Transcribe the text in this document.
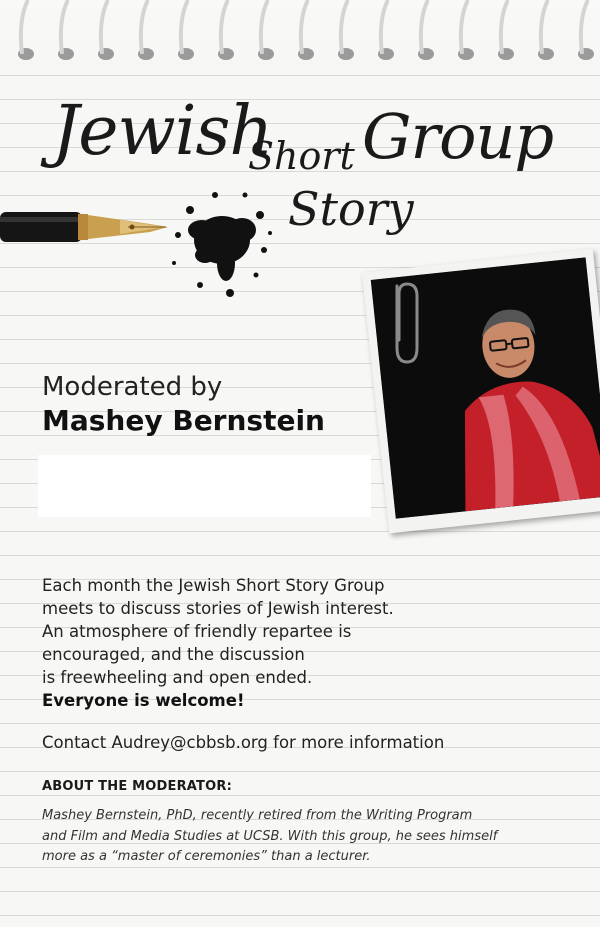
Jewish
Short Group
Story
Moderated by
Mashey Bernstein
Each month the Jewish Short Story Group
meets to discuss stories of Jewish interest.
An atmosphere of friendly repartee is
encouraged, and the discussion
is freewheeling and open ended.
Everyone is welcome!
Contact Audrey@cbbsb.org for more information
ABOUT THE MODERATOR:
Mashey Bernstein, PhD, recently retired from the Writing Program
and Film and Media Studies at UCSB. With this group, he sees himself
more as a “master of ceremonies” than a lecturer.
